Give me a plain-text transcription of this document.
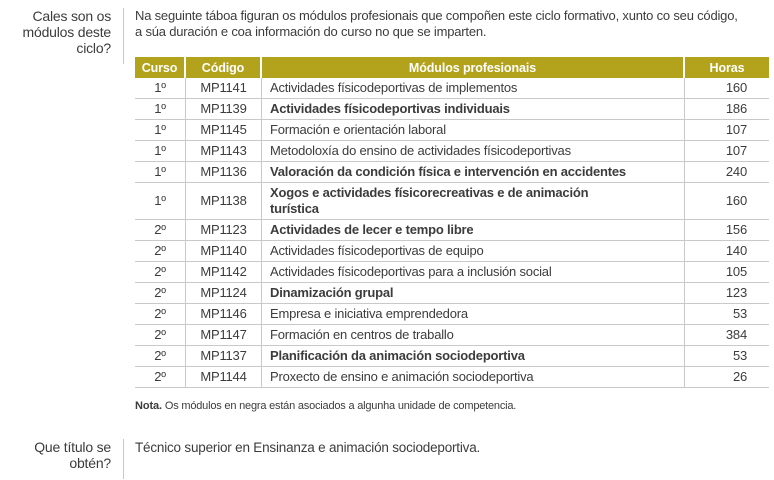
Cales son os módulos deste ciclo?

Na seguinte táboa figuran os módulos profesionais que compoñen este ciclo formativo, xunto co seu código, a súa duración e coa información do curso no que se imparten.

Curso	Código	Módulos profesionais	Horas
1º	MP1141	Actividades físicodeportivas de implementos	160
1º	MP1139	Actividades físicodeportivas individuais	186
1º	MP1145	Formación e orientación laboral	107
1º	MP1143	Metodoloxía do ensino de actividades físicodeportivas	107
1º	MP1136	Valoración da condición física e intervención en accidentes	240
1º	MP1138	Xogos e actividades físicorecreativas e de animación turística	160
2º	MP1123	Actividades de lecer e tempo libre	156
2º	MP1140	Actividades físicodeportivas de equipo	140
2º	MP1142	Actividades físicodeportivas para a inclusión social	105
2º	MP1124	Dinamización grupal	123
2º	MP1146	Empresa e iniciativa emprendedora	53
2º	MP1147	Formación en centros de traballo	384
2º	MP1137	Planificación da animación sociodeportiva	53
2º	MP1144	Proxecto de ensino e animación sociodeportiva	26

Nota. Os módulos en negra están asociados a algunha unidade de competencia.

Que título se obtén?

Técnico superior en Ensinanza e animación sociodeportiva.
